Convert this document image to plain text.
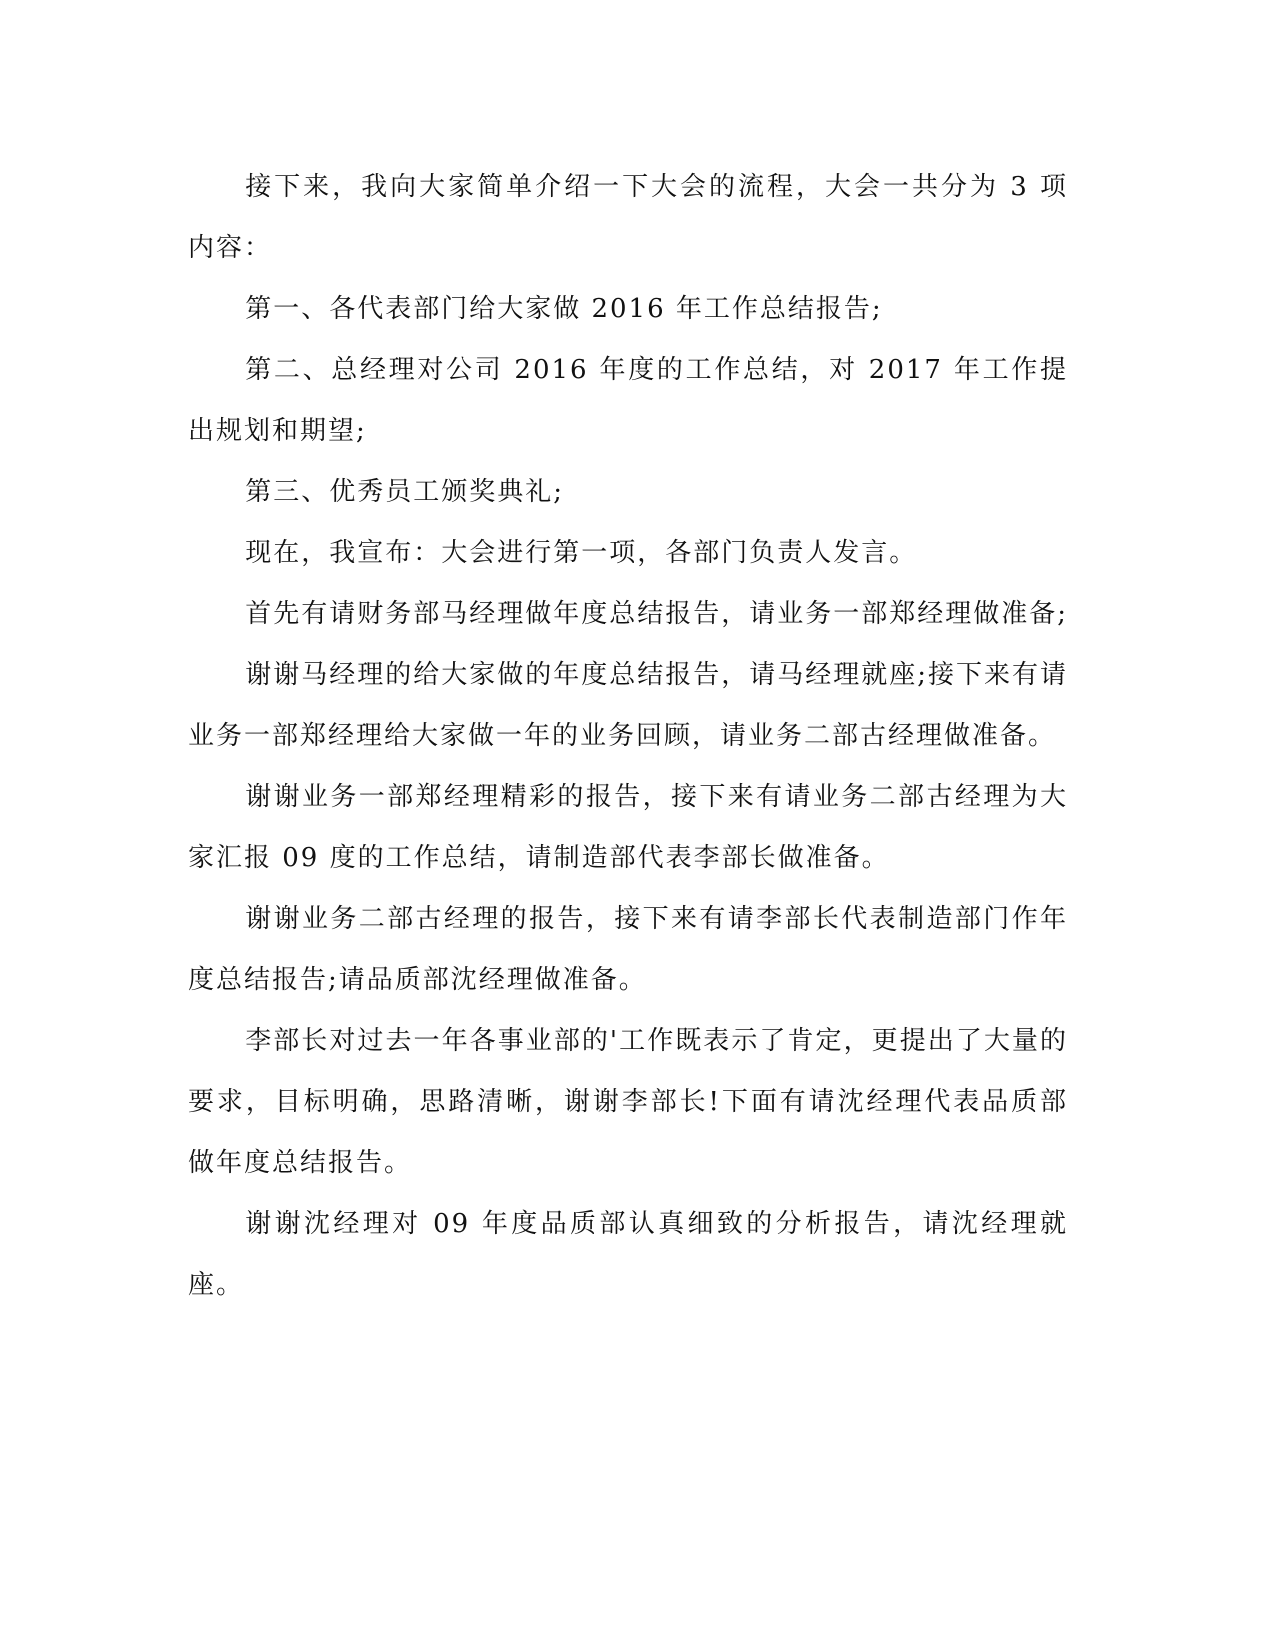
接下来，我向大家简单介绍一下大会的流程，大会一共分为 3 项内容：

第一、各代表部门给大家做 2016 年工作总结报告;

第二、总经理对公司 2016 年度的工作总结，对 2017 年工作提出规划和期望;

第三、优秀员工颁奖典礼;

现在，我宣布：大会进行第一项，各部门负责人发言。

首先有请财务部马经理做年度总结报告，请业务一部郑经理做准备;

谢谢马经理的给大家做的年度总结报告，请马经理就座;接下来有请业务一部郑经理给大家做一年的业务回顾，请业务二部古经理做准备。

谢谢业务一部郑经理精彩的报告，接下来有请业务二部古经理为大家汇报 09 度的工作总结，请制造部代表李部长做准备。

谢谢业务二部古经理的报告，接下来有请李部长代表制造部门作年度总结报告;请品质部沈经理做准备。

李部长对过去一年各事业部的'工作既表示了肯定，更提出了大量的要求，目标明确，思路清晰，谢谢李部长!下面有请沈经理代表品质部做年度总结报告。

谢谢沈经理对 09 年度品质部认真细致的分析报告，请沈经理就座。
